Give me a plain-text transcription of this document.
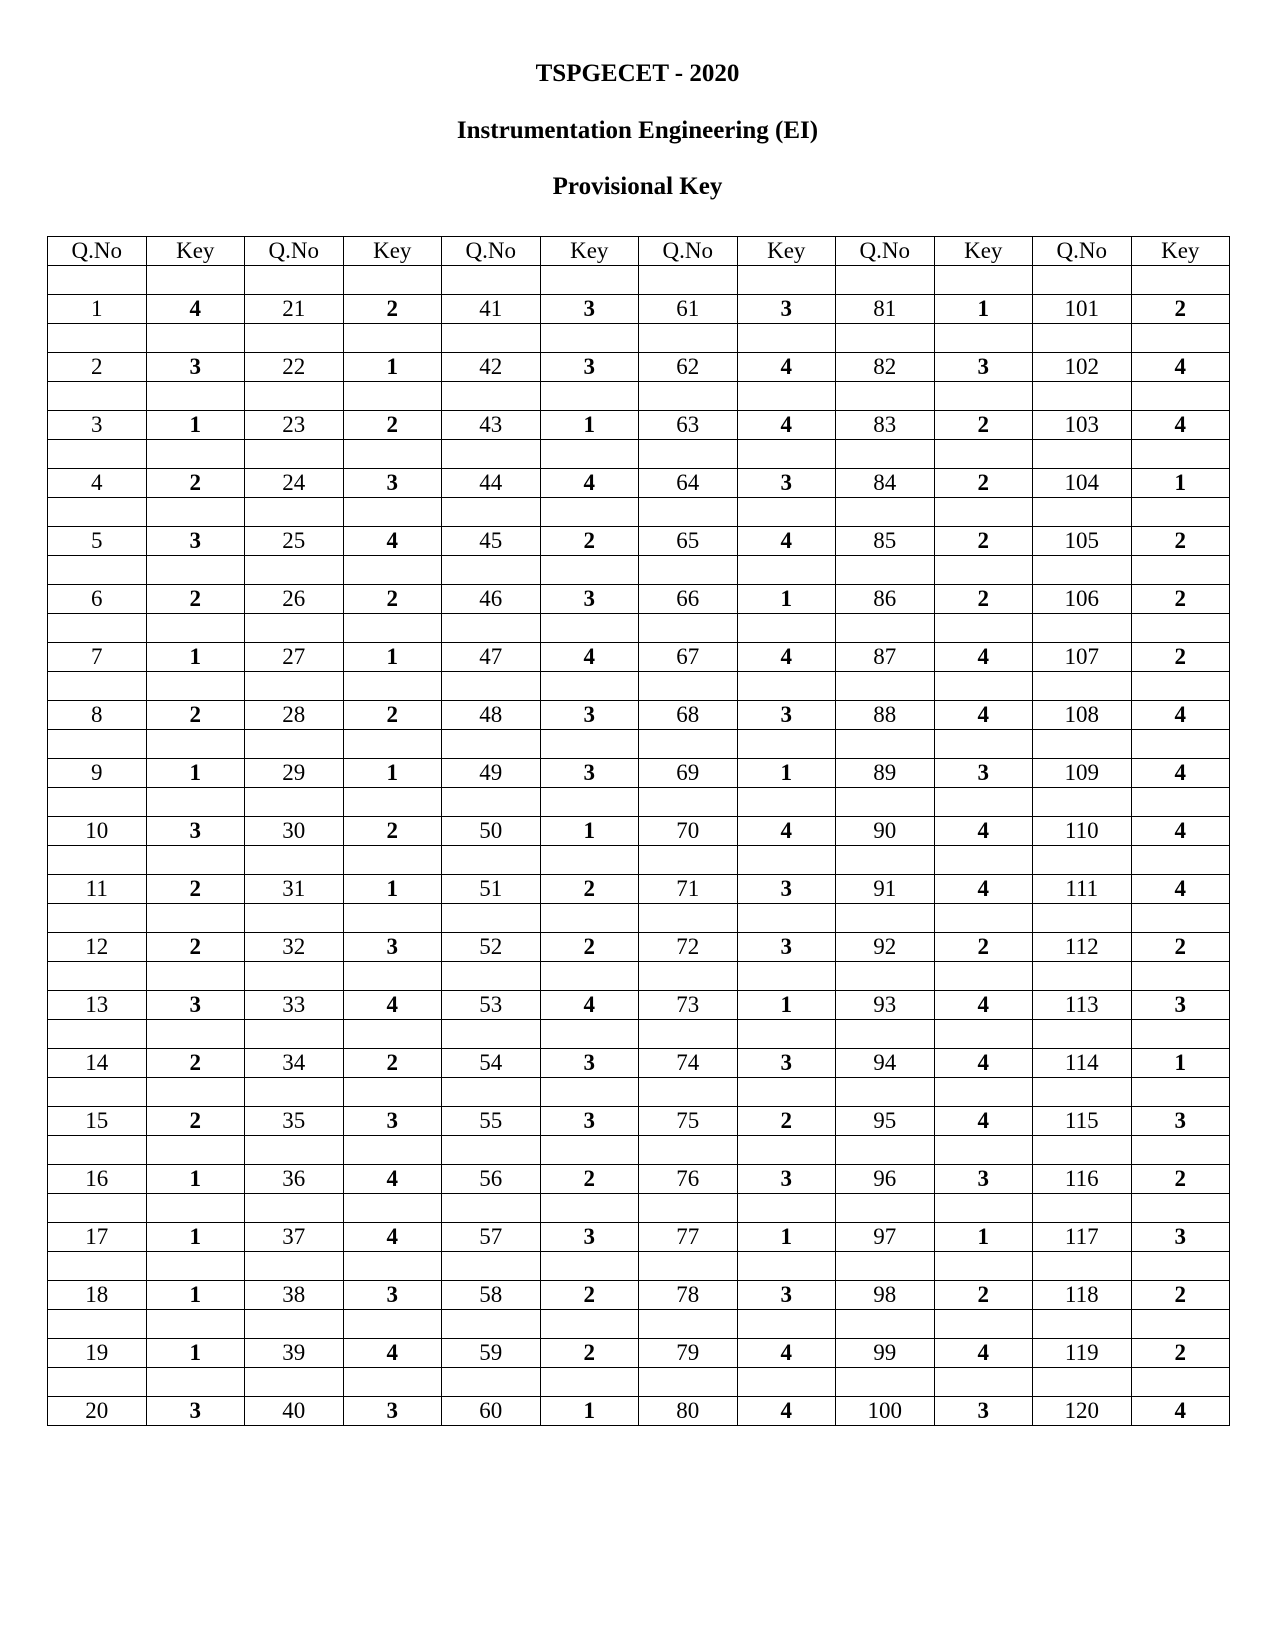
TSPGECET - 2020
Instrumentation Engineering (EI)
Provisional Key
Q.No	Key	Q.No	Key	Q.No	Key	Q.No	Key	Q.No	Key	Q.No	Key

1	4	21	2	41	3	61	3	81	1	101	2

2	3	22	1	42	3	62	4	82	3	102	4

3	1	23	2	43	1	63	4	83	2	103	4

4	2	24	3	44	4	64	3	84	2	104	1

5	3	25	4	45	2	65	4	85	2	105	2

6	2	26	2	46	3	66	1	86	2	106	2

7	1	27	1	47	4	67	4	87	4	107	2

8	2	28	2	48	3	68	3	88	4	108	4

9	1	29	1	49	3	69	1	89	3	109	4

10	3	30	2	50	1	70	4	90	4	110	4

11	2	31	1	51	2	71	3	91	4	111	4

12	2	32	3	52	2	72	3	92	2	112	2

13	3	33	4	53	4	73	1	93	4	113	3

14	2	34	2	54	3	74	3	94	4	114	1

15	2	35	3	55	3	75	2	95	4	115	3

16	1	36	4	56	2	76	3	96	3	116	2

17	1	37	4	57	3	77	1	97	1	117	3

18	1	38	3	58	2	78	3	98	2	118	2

19	1	39	4	59	2	79	4	99	4	119	2

20	3	40	3	60	1	80	4	100	3	120	4
